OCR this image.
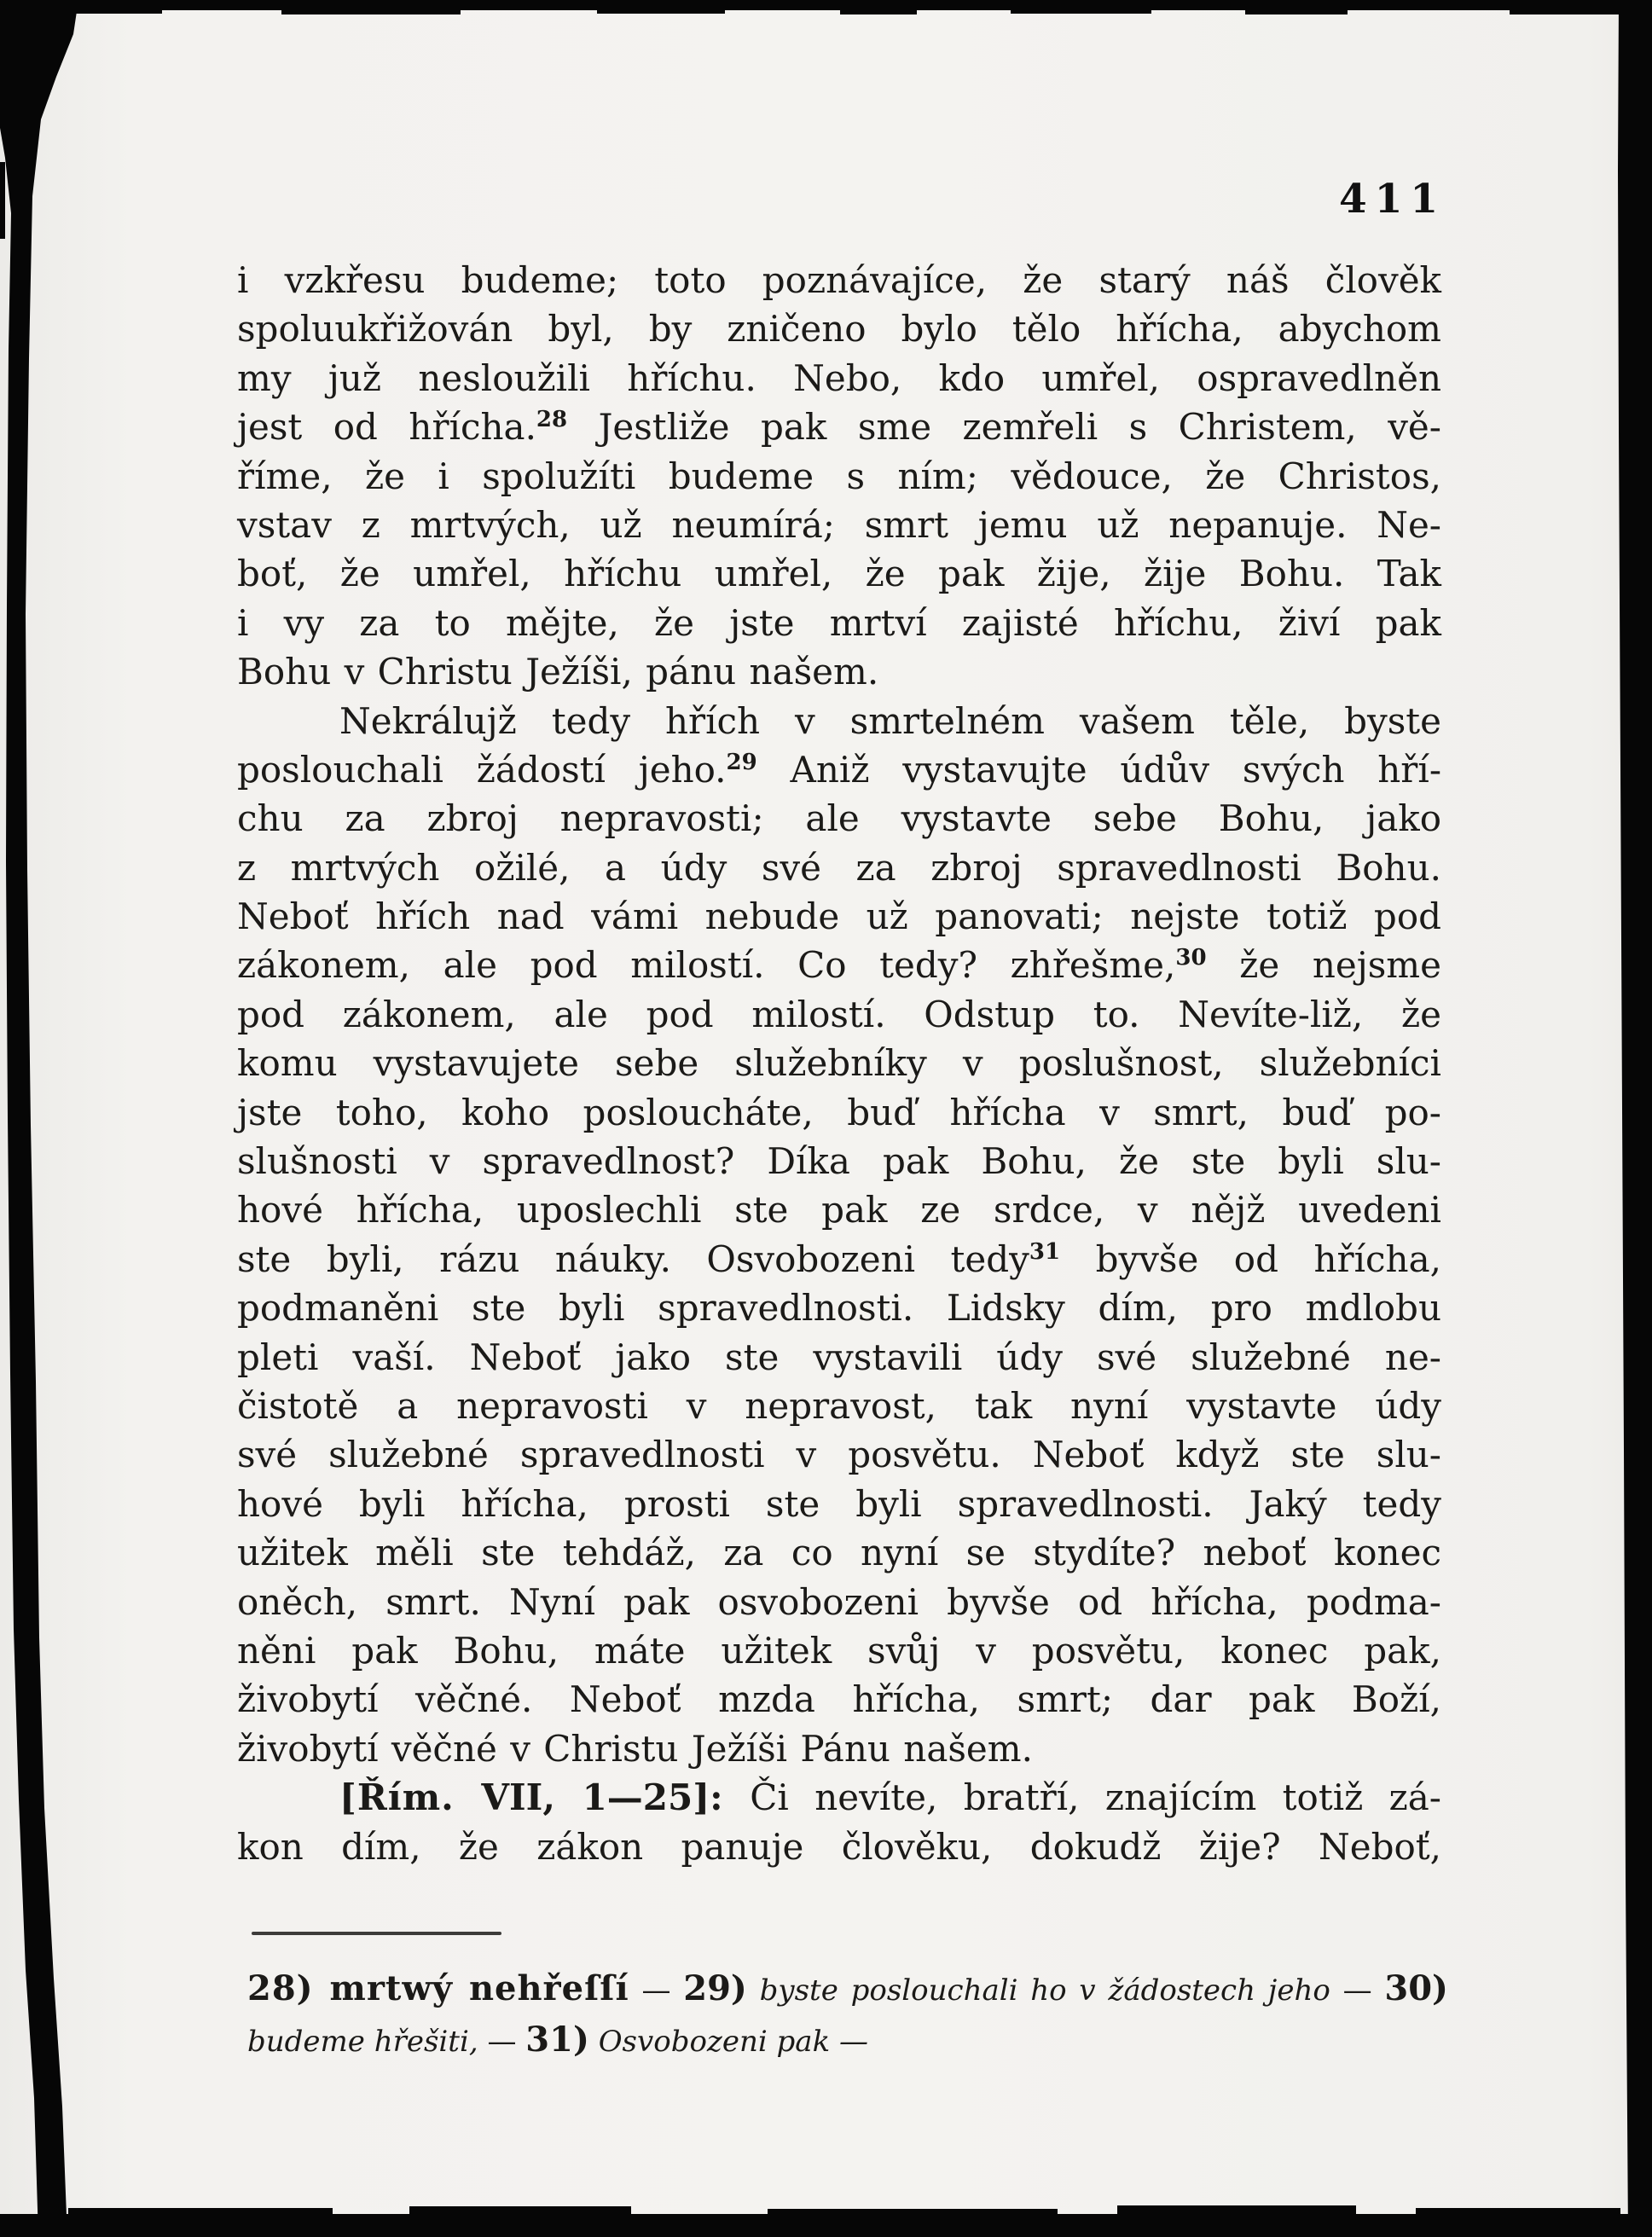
411
i vzkřesu budeme; toto poznávajíce, že starý náš člověk
spoluukřižován byl, by zničeno bylo tělo hřícha, abychom
my juž nesloužili hříchu. Nebo, kdo umřel, ospravedlněn
jest od hřícha.$^{28}$ Jestliže pak sme zemřeli s Christem, vě-
říme, že i spolužíti budeme s ním; vědouce, že Christos,
vstav z mrtvých, už neumírá; smrt jemu už nepanuje. Ne-
boť, že umřel, hříchu umřel, že pak žije, žije Bohu. Tak
i vy za to mějte, že jste mrtví zajisté hříchu, živí pak
Bohu v Christu Ježíši, pánu našem.
Nekrálujž tedy hřích v smrtelném vašem těle, byste
poslouchali žádostí jeho.$^{29}$ Aniž vystavujte údův svých hří-
chu za zbroj nepravosti; ale vystavte sebe Bohu, jako
z mrtvých ožilé, a údy své za zbroj spravedlnosti Bohu.
Neboť hřích nad vámi nebude už panovati; nejste totiž pod
zákonem, ale pod milostí. Co tedy? zhřešme,$^{30}$ že nejsme
pod zákonem, ale pod milostí. Odstup to. Nevíte-liž, že
komu vystavujete sebe služebníky v poslušnost, služebníci
jste toho, koho posloucháte, buď hřícha v smrt, buď po-
slušnosti v spravedlnost? Díka pak Bohu, že ste byli slu-
hové hřícha, uposlechli ste pak ze srdce, v nějž uvedeni
ste byli, rázu náuky. Osvobozeni tedy$^{31}$ byvše od hřícha,
podmaněni ste byli spravedlnosti. Lidsky dím, pro mdlobu
pleti vaší. Neboť jako ste vystavili údy své služebné ne-
čistotě a nepravosti v nepravost, tak nyní vystavte údy
své služebné spravedlnosti v posvětu. Neboť když ste slu-
hové byli hřícha, prosti ste byli spravedlnosti. Jaký tedy
užitek měli ste tehdáž, za co nyní se stydíte? neboť konec
oněch, smrt. Nyní pak osvobozeni byvše od hřícha, podma-
něni pak Bohu, máte užitek svůj v posvětu, konec pak,
živobytí věčné. Neboť mzda hřícha, smrt; dar pak Boží,
živobytí věčné v Christu Ježíši Pánu našem.
[Řím. VII, 1—25]: Či nevíte, bratří, znajícím totiž zá-
kon dím, že zákon panuje člověku, dokudž žije? Neboť,
28) mrtwý nehřeſſí — 29) byste poslouchali ho v žádostech jeho — 30)
budeme hřešiti, — 31) Osvobozeni pak —
